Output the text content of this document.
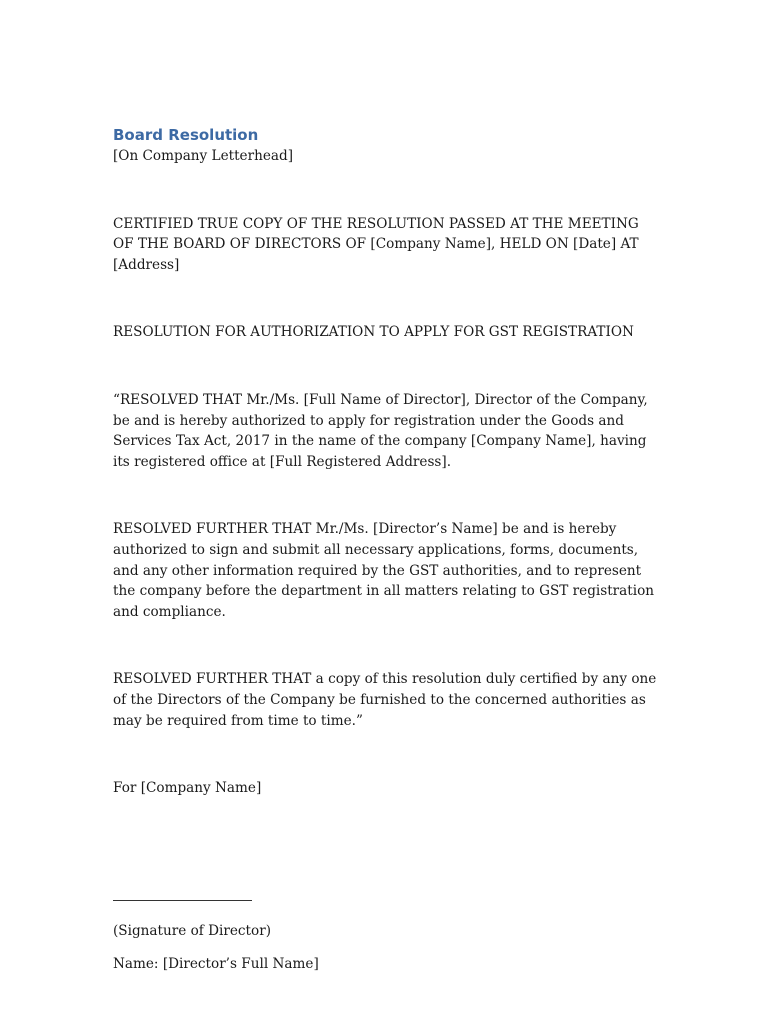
Board Resolution
[On Company Letterhead]

CERTIFIED TRUE COPY OF THE RESOLUTION PASSED AT THE MEETING OF THE BOARD OF DIRECTORS OF [Company Name], HELD ON [Date] AT [Address]

RESOLUTION FOR AUTHORIZATION TO APPLY FOR GST REGISTRATION

“RESOLVED THAT Mr./Ms. [Full Name of Director], Director of the Company, be and is hereby authorized to apply for registration under the Goods and Services Tax Act, 2017 in the name of the company [Company Name], having its registered office at [Full Registered Address].

RESOLVED FURTHER THAT Mr./Ms. [Director’s Name] be and is hereby authorized to sign and submit all necessary applications, forms, documents, and any other information required by the GST authorities, and to represent the company before the department in all matters relating to GST registration and compliance.

RESOLVED FURTHER THAT a copy of this resolution duly certified by any one of the Directors of the Company be furnished to the concerned authorities as may be required from time to time.”

For [Company Name]
(Signature of Director)
Name: [Director’s Full Name]
